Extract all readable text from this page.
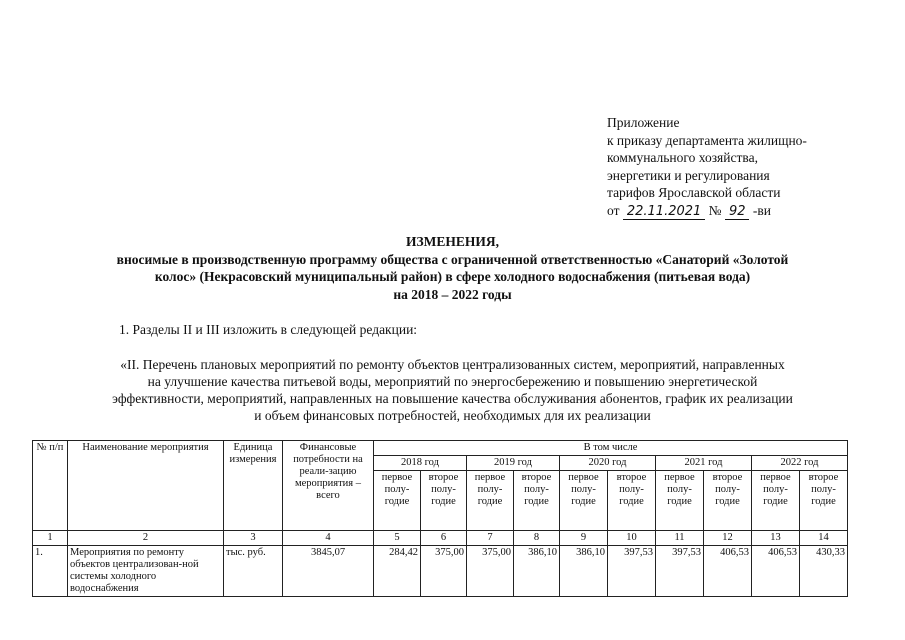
Приложение
к приказу департамента жилищно-
коммунального хозяйства,
энергетики и регулирования
тарифов Ярославской области
от 22.11.2021 № 92 -ви
ИЗМЕНЕНИЯ,
вносимые в производственную программу общества с ограниченной ответственностью «Санаторий «Золотой
колос» (Некрасовский муниципальный район) в сфере холодного водоснабжения (питьевая вода)
на 2018 – 2022 годы
1. Разделы II и III изложить в следующей редакции:
«II. Перечень плановых мероприятий по ремонту объектов централизованных систем, мероприятий, направленных
на улучшение качества питьевой воды, мероприятий по энергосбережению и повышению энергетической
эффективности, мероприятий, направленных на повышение качества обслуживания абонентов, график их реализации
и объем финансовых потребностей, необходимых для их реализации
№ п/п	Наименование мероприятия	Единица измерения	Финансовые потребности на реали-зацию мероприятия – всего	В том числе									
				2018 год		2019 год		2020 год		2021 год		2022 год	
				первое полу-годие	второе полу-годие	первое полу-годие	второе полу-годие	первое полу-годие	второе полу-годие	первое полу-годие	второе полу-годие	первое полу-годие	второе полу-годие
1	2	3	4	5	6	7	8	9	10	11	12	13	14
1.	Мероприятия по ремонту объектов централизован-ной системы холодного водоснабжения	тыс. руб.	3845,07	284,42	375,00	375,00	386,10	386,10	397,53	397,53	406,53	406,53	430,33
